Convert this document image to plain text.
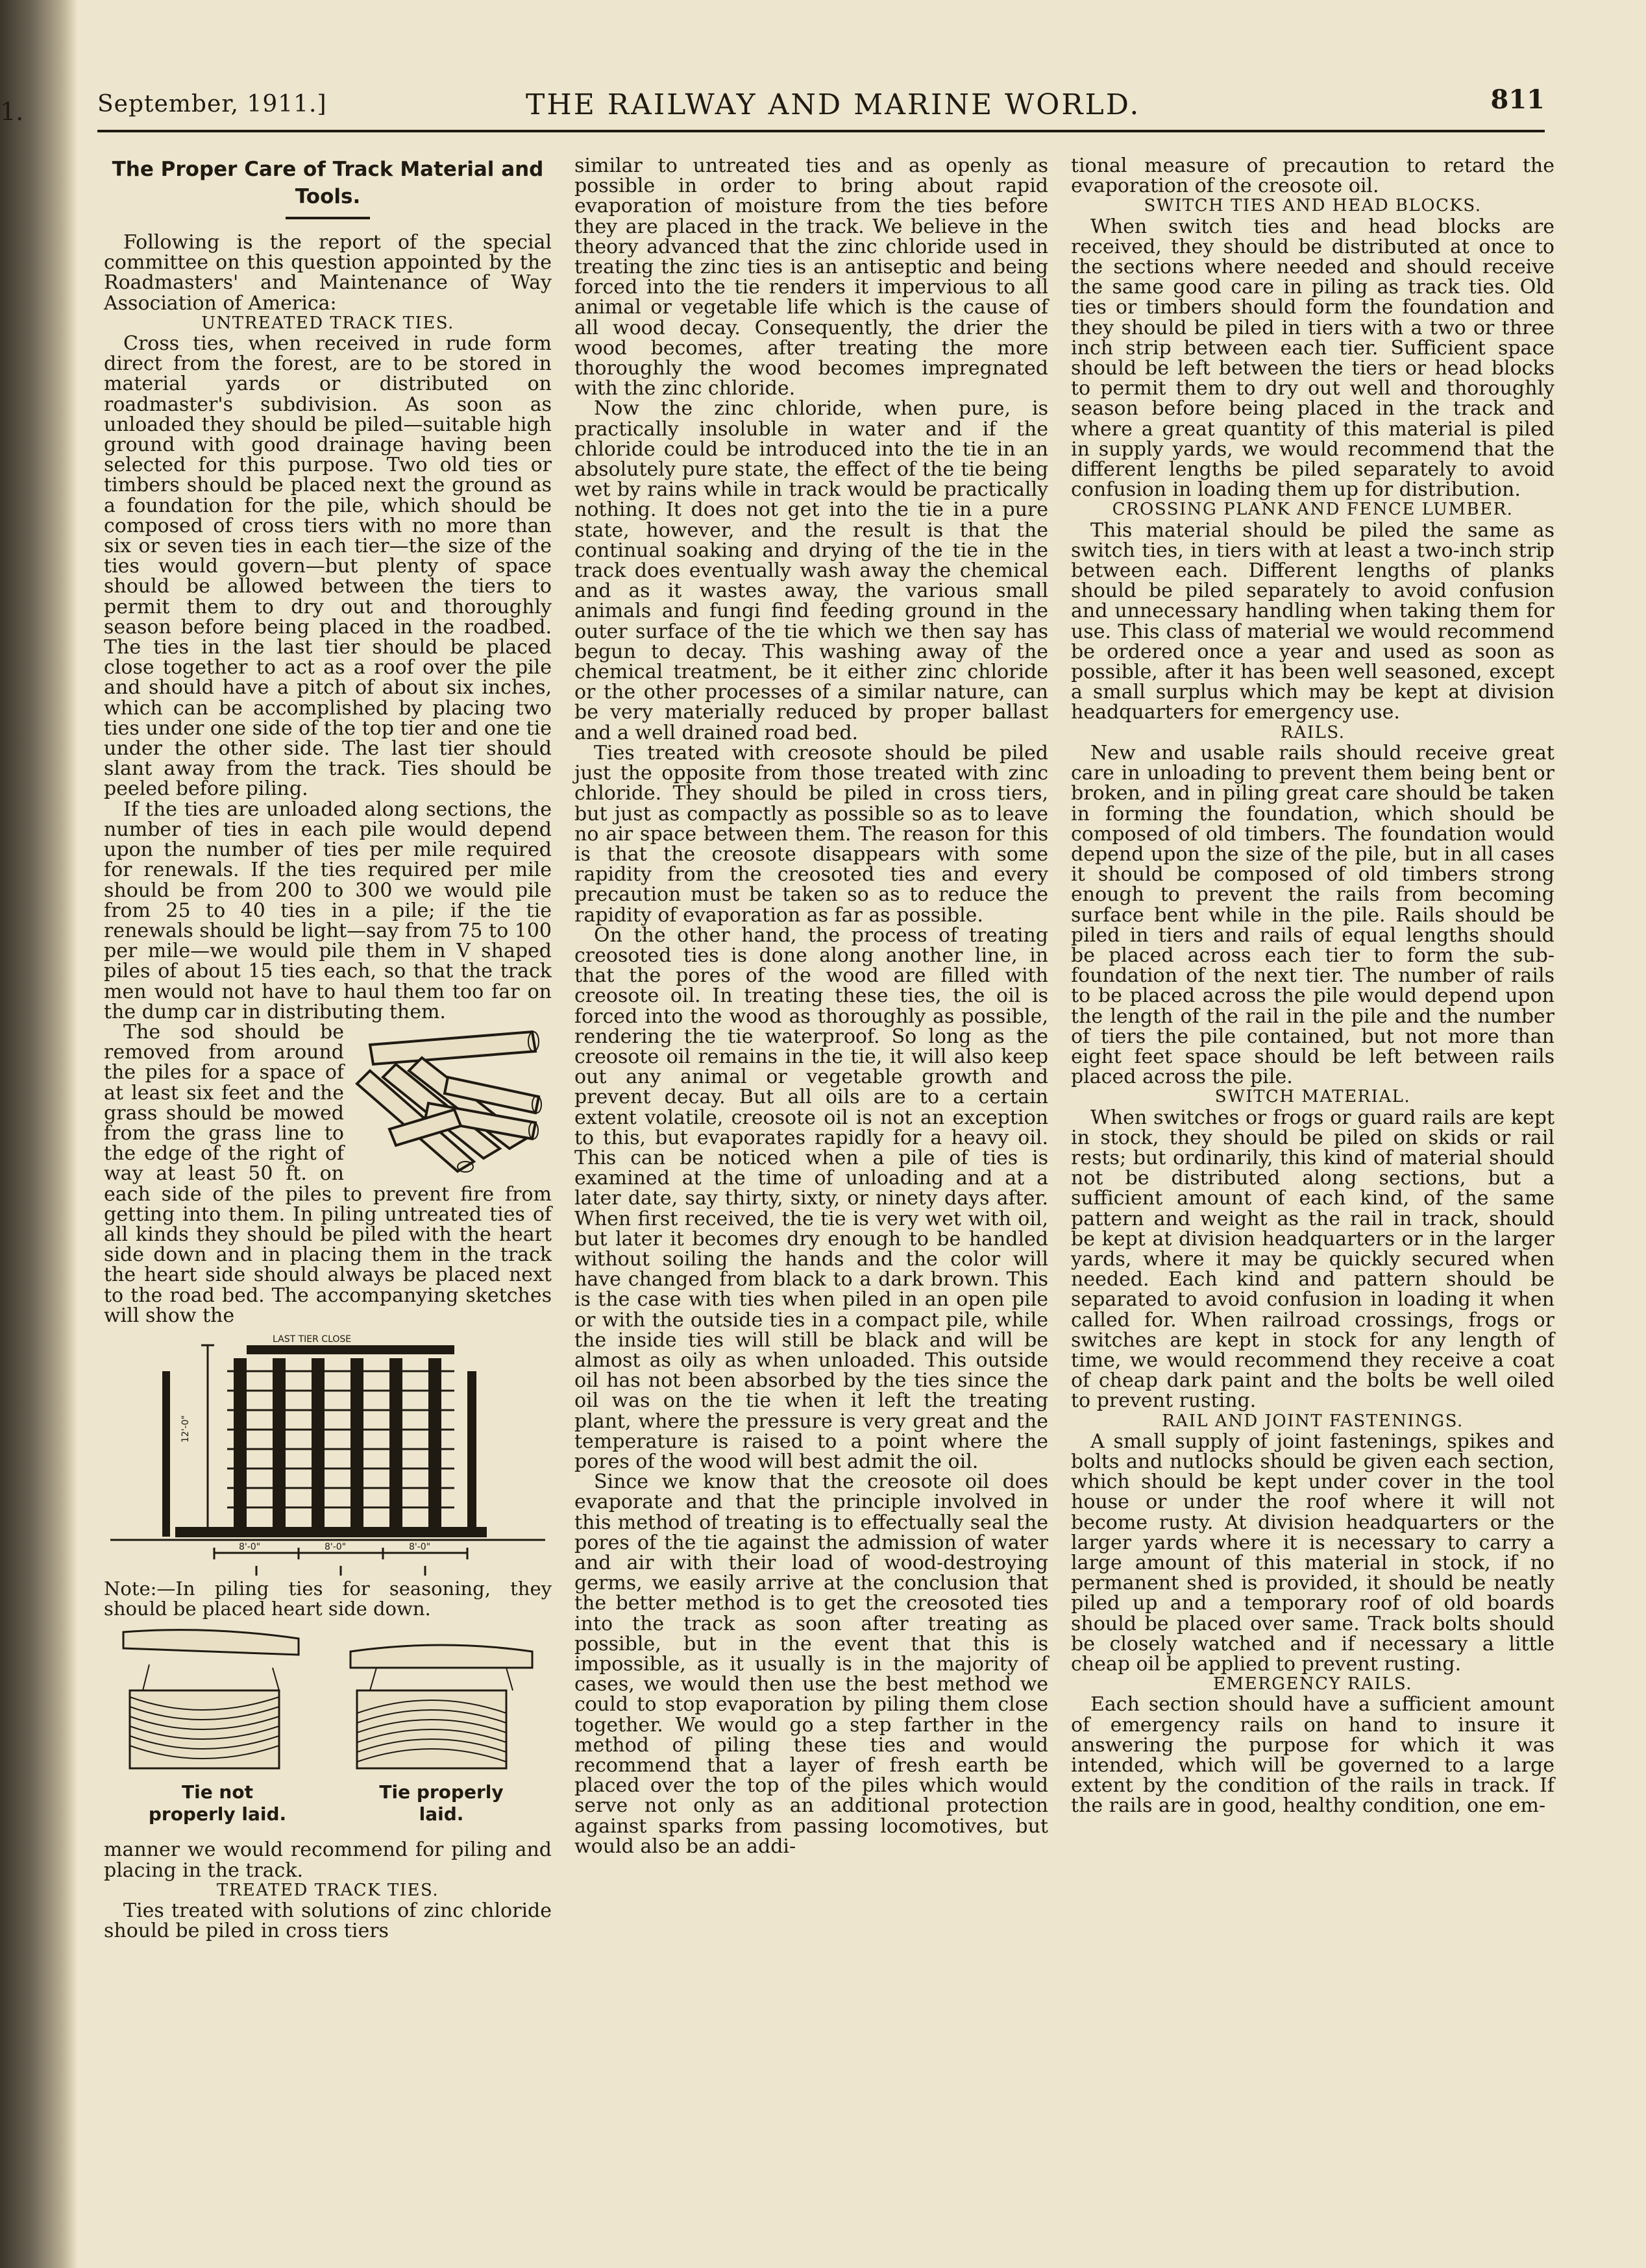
1.	September, 1911.]	THE RAILWAY AND MARINE WORLD.	811
The Proper Care of Track Material and Tools.

Following is the report of the special committee on this question appointed by the Roadmasters' and Maintenance of Way Association of America:

UNTREATED TRACK TIES.

Cross ties, when received in rude form direct from the forest, are to be stored in material yards or distributed on roadmaster's subdivision. As soon as unloaded they should be piled—suitable high ground with good drainage having been selected for this purpose. Two old ties or timbers should be placed next the ground as a foundation for the pile, which should be composed of cross tiers with no more than six or seven ties in each tier—the size of the ties would govern—but plenty of space should be allowed between the tiers to permit them to dry out and thoroughly season before being placed in the roadbed. The ties in the last tier should be placed close together to act as a roof over the pile and should have a pitch of about six inches, which can be accomplished by placing two ties under one side of the top tier and one tie under the other side. The last tier should slant away from the track. Ties should be peeled before piling.

If the ties are unloaded along sections, the number of ties in each pile would depend upon the number of ties per mile required for renewals. If the ties required per mile should be from 200 to 300 we would pile from 25 to 40 ties in a pile; if the tie renewals should be light—say from 75 to 100 per mile—we would pile them in V shaped piles of about 15 ties each, so that the track men would not have to haul them too far on the dump car in distributing them.

The sod should be removed from around the piles for a space of at least six feet and the grass should be mowed from the grass line to the edge of the right of way at least 50 ft. on each side of the piles to prevent fire from getting into them. In piling untreated ties of all kinds they should be piled with the heart side down and in placing them in the track the heart side should always be placed next to the road bed. The accompanying sketches will show the

8'-0"	8'-0"	8'-0"
12'-0"
LAST TIER CLOSE

Note:—In piling ties for seasoning, they should be placed heart side down.

Tie not properly laid.
Tie properly laid.

manner we would recommend for piling and placing in the track.

TREATED TRACK TIES.

Ties treated with solutions of zinc chloride should be piled in cross tiers

similar to untreated ties and as openly as possible in order to bring about rapid evaporation of moisture from the ties before they are placed in the track. We believe in the theory advanced that the zinc chloride used in treating the zinc ties is an antiseptic and being forced into the tie renders it impervious to all animal or vegetable life which is the cause of all wood decay. Consequently, the drier the wood becomes, after treating the more thoroughly the wood becomes impregnated with the zinc chloride.

Now the zinc chloride, when pure, is practically insoluble in water and if the chloride could be introduced into the tie in an absolutely pure state, the effect of the tie being wet by rains while in track would be practically nothing. It does not get into the tie in a pure state, however, and the result is that the continual soaking and drying of the tie in the track does eventually wash away the chemical and as it wastes away, the various small animals and fungi find feeding ground in the outer surface of the tie which we then say has begun to decay. This washing away of the chemical treatment, be it either zinc chloride or the other processes of a similar nature, can be very materially reduced by proper ballast and a well drained road bed.

Ties treated with creosote should be piled just the opposite from those treated with zinc chloride. They should be piled in cross tiers, but just as compactly as possible so as to leave no air space between them. The reason for this is that the creosote disappears with some rapidity from the creosoted ties and every precaution must be taken so as to reduce the rapidity of evaporation as far as possible.

On the other hand, the process of treating creosoted ties is done along another line, in that the pores of the wood are filled with creosote oil. In treating these ties, the oil is forced into the wood as thoroughly as possible, rendering the tie waterproof. So long as the creosote oil remains in the tie, it will also keep out any animal or vegetable growth and prevent decay. But all oils are to a certain extent volatile, creosote oil is not an exception to this, but evaporates rapidly for a heavy oil. This can be noticed when a pile of ties is examined at the time of unloading and at a later date, say thirty, sixty, or ninety days after. When first received, the tie is very wet with oil, but later it becomes dry enough to be handled without soiling the hands and the color will have changed from black to a dark brown. This is the case with ties when piled in an open pile or with the outside ties in a compact pile, while the inside ties will still be black and will be almost as oily as when unloaded. This outside oil has not been absorbed by the ties since the oil was on the tie when it left the treating plant, where the pressure is very great and the temperature is raised to a point where the pores of the wood will best admit the oil.

Since we know that the creosote oil does evaporate and that the principle involved in this method of treating is to effectually seal the pores of the tie against the admission of water and air with their load of wood-destroying germs, we easily arrive at the conclusion that the better method is to get the creosoted ties into the track as soon after treating as possible, but in the event that this is impossible, as it usually is in the majority of cases, we would then use the best method we could to stop evaporation by piling them close together. We would go a step farther in the method of piling these ties and would recommend that a layer of fresh earth be placed over the top of the piles which would serve not only as an additional protection against sparks from passing locomotives, but would also be an addi-

tional measure of precaution to retard the evaporation of the creosote oil.

SWITCH TIES AND HEAD BLOCKS.

When switch ties and head blocks are received, they should be distributed at once to the sections where needed and should receive the same good care in piling as track ties. Old ties or timbers should form the foundation and they should be piled in tiers with a two or three inch strip between each tier. Sufficient space should be left between the tiers or head blocks to permit them to dry out well and thoroughly season before being placed in the track and where a great quantity of this material is piled in supply yards, we would recommend that the different lengths be piled separately to avoid confusion in loading them up for distribution.

CROSSING PLANK AND FENCE LUMBER.

This material should be piled the same as switch ties, in tiers with at least a two-inch strip between each. Different lengths of planks should be piled separately to avoid confusion and unnecessary handling when taking them for use. This class of material we would recommend be ordered once a year and used as soon as possible, after it has been well seasoned, except a small surplus which may be kept at division headquarters for emergency use.

RAILS.

New and usable rails should receive great care in unloading to prevent them being bent or broken, and in piling great care should be taken in forming the foundation, which should be composed of old timbers. The foundation would depend upon the size of the pile, but in all cases it should be composed of old timbers strong enough to prevent the rails from becoming surface bent while in the pile. Rails should be piled in tiers and rails of equal lengths should be placed across each tier to form the sub-foundation of the next tier. The number of rails to be placed across the pile would depend upon the length of the rail in the pile and the number of tiers the pile contained, but not more than eight feet space should be left between rails placed across the pile.

SWITCH MATERIAL.

When switches or frogs or guard rails are kept in stock, they should be piled on skids or rail rests; but ordinarily, this kind of material should not be distributed along sections, but a sufficient amount of each kind, of the same pattern and weight as the rail in track, should be kept at division headquarters or in the larger yards, where it may be quickly secured when needed. Each kind and pattern should be separated to avoid confusion in loading it when called for. When railroad crossings, frogs or switches are kept in stock for any length of time, we would recommend they receive a coat of cheap dark paint and the bolts be well oiled to prevent rusting.

RAIL AND JOINT FASTENINGS.

A small supply of joint fastenings, spikes and bolts and nutlocks should be given each section, which should be kept under cover in the tool house or under the roof where it will not become rusty. At division headquarters or the larger yards where it is necessary to carry a large amount of this material in stock, if no permanent shed is provided, it should be neatly piled up and a temporary roof of old boards should be placed over same. Track bolts should be closely watched and if necessary a little cheap oil be applied to prevent rusting.

EMERGENCY RAILS.

Each section should have a sufficient amount of emergency rails on hand to insure it answering the purpose for which it was intended, which will be governed to a large extent by the condition of the rails in track. If the rails are in good, healthy condition, one em-
